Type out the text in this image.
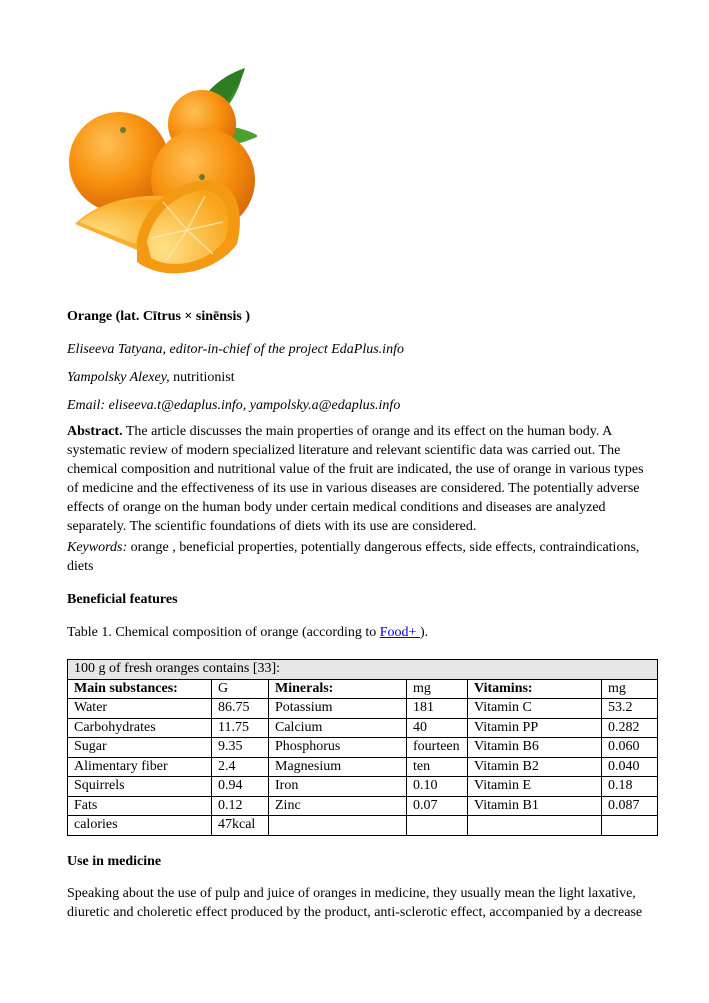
Orange (lat. Cītrus × sinēnsis )

Eliseeva Tatyana, editor-in-chief of the project EdaPlus.info

Yampolsky Alexey, nutritionist

Email: eliseeva.t@edaplus.info, yampolsky.a@edaplus.info

Abstract. The article discusses the main properties of orange and its effect on the human body. A systematic review of modern specialized literature and relevant scientific data was carried out. The chemical composition and nutritional value of the fruit are indicated, the use of orange in various types of medicine and the effectiveness of its use in various diseases are considered. The potentially adverse effects of orange on the human body under certain medical conditions and diseases are analyzed separately. The scientific foundations of diets with its use are considered.

Keywords: orange , beneficial properties, potentially dangerous effects, side effects, contraindications, diets

Beneficial features

Table 1. Chemical composition of orange (according to Food+ ).

100 g of fresh oranges contains [33]:					
Main substances:	G	Minerals:	mg	Vitamins:	mg
Water	86.75	Potassium	181	Vitamin C	53.2
Carbohydrates	11.75	Calcium	40	Vitamin PP	0.282
Sugar	9.35	Phosphorus	fourteen	Vitamin B6	0.060
Alimentary fiber	2.4	Magnesium	ten	Vitamin B2	0.040
Squirrels	0.94	Iron	0.10	Vitamin E	0.18
Fats	0.12	Zinc	0.07	Vitamin B1	0.087
calories	47kcal				

Use in medicine

Speaking about the use of pulp and juice of oranges in medicine, they usually mean the light laxative, diuretic and choleretic effect produced by the product, anti-sclerotic effect, accompanied by a decrease
